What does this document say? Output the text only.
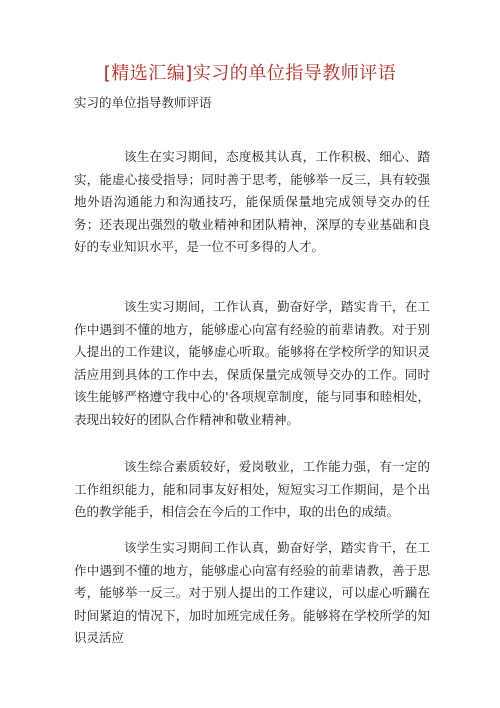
[精选汇编]实习的单位指导教师评语
实习的单位指导教师评语

该生在实习期间，态度极其认真，工作积极、细心、踏实，能虚心接受指导；同时善于思考，能够举一反三，具有较强地外语沟通能力和沟通技巧，能保质保量地完成领导交办的任务；还表现出强烈的敬业精神和团队精神，深厚的专业基础和良好的专业知识水平，是一位不可多得的人才。

该生实习期间，工作认真，勤奋好学，踏实肯干，在工作中遇到不懂的地方，能够虚心向富有经验的前辈请教。对于别人提出的工作建议，能够虚心听取。能够将在学校所学的知识灵活应用到具体的工作中去，保质保量完成领导交办的工作。同时该生能够严格遵守我中心的'各项规章制度，能与同事和睦相处，表现出较好的团队合作精神和敬业精神。

该生综合素质较好，爱岗敬业，工作能力强，有一定的工作组织能力，能和同事友好相处，短短实习工作期间，是个出色的教学能手，相信会在今后的工作中，取的出色的成绩。

该学生实习期间工作认真，勤奋好学，踏实肯干，在工作中遇到不懂的地方，能够虚心向富有经验的前辈请教，善于思考，能够举一反三。对于别人提出的工作建议，可以虚心听躏在时间紧迫的情况下，加时加班完成任务。能够将在学校所学的知识灵活应
